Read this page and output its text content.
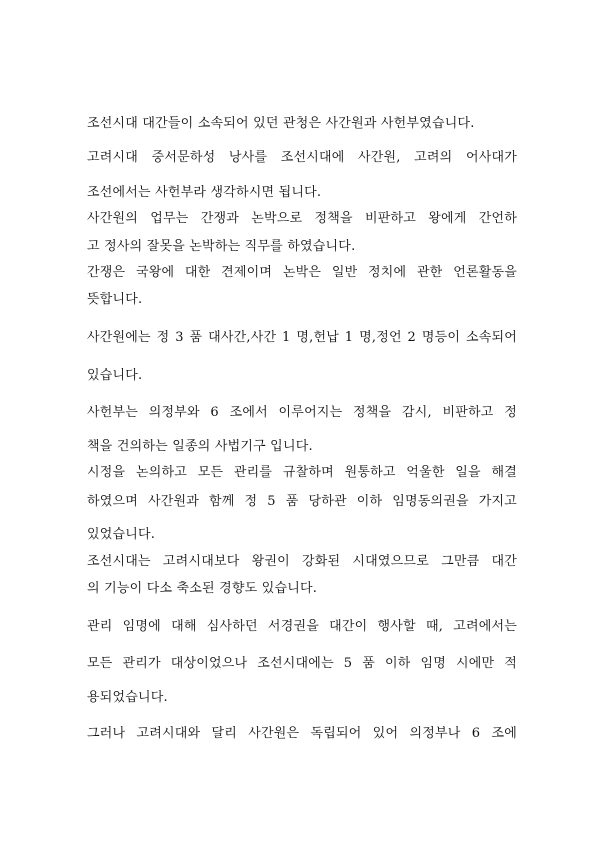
조선시대 대간들이 소속되어 있던 관청은 사간원과 사헌부였습니다.
고려시대 중서문하성 낭사를 조선시대에 사간원, 고려의 어사대가
조선에서는 사헌부라 생각하시면 됩니다.
사간원의 업무는 간쟁과 논박으로 정책을 비판하고 왕에게 간언하
고 정사의 잘못을 논박하는 직무를 하였습니다.
간쟁은 국왕에 대한 견제이며 논박은 일반 정치에 관한 언론활동을
뜻합니다.
사간원에는 정 3 품 대사간,사간 1 명,헌납 1 명,정언 2 명등이 소속되어
있습니다.
사헌부는 의정부와 6 조에서 이루어지는 정책을 감시, 비판하고 정
책을 건의하는 일종의 사법기구 입니다.
시정을 논의하고 모든 관리를 규찰하며 원통하고 억울한 일을 해결
하였으며 사간원과 함께 정 5 품 당하관 이하 임명동의권을 가지고
있었습니다.
조선시대는 고려시대보다 왕권이 강화된 시대였으므로 그만큼 대간
의 기능이 다소 축소된 경향도 있습니다.
관리 임명에 대해 심사하던 서경권을 대간이 행사할 때, 고려에서는
모든 관리가 대상이었으나 조선시대에는 5 품 이하 임명 시에만 적
용되었습니다.
그러나 고려시대와 달리 사간원은 독립되어 있어 의정부나 6 조에
